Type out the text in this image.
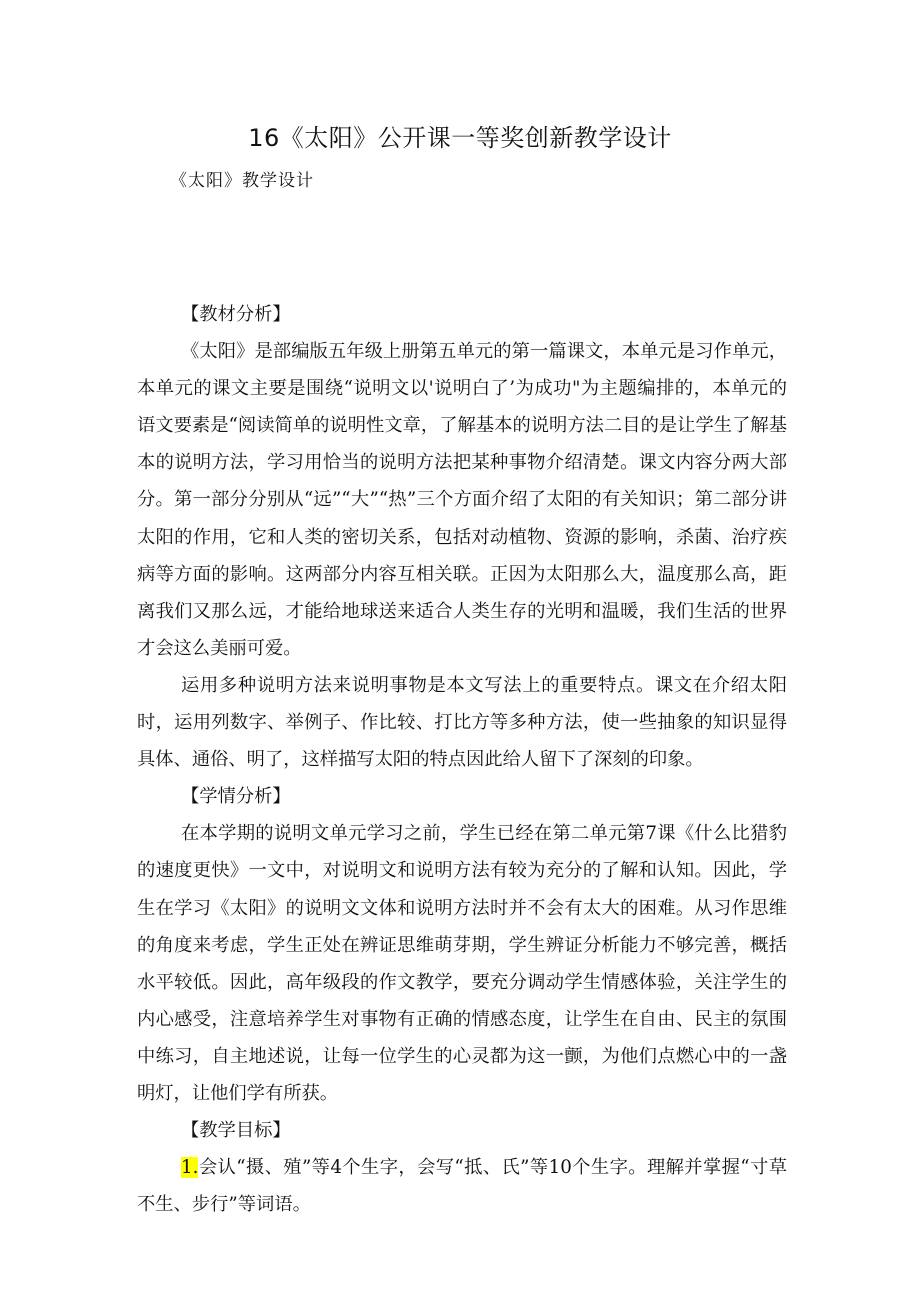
16《太阳》公开课一等奖创新教学设计
《太阳》教学设计
【教材分析】

《太阳》是部编版五年级上册第五单元的第一篇课文，本单元是习作单元，本单元的课文主要是围绕“说明文以'说明白了’为成功"为主题编排的，本单元的语文要素是“阅读简单的说明性文章，了解基本的说明方法二目的是让学生了解基本的说明方法，学习用恰当的说明方法把某种事物介绍清楚。课文内容分两大部分。第一部分分别从“远”“大”“热”三个方面介绍了太阳的有关知识；第二部分讲太阳的作用，它和人类的密切关系，包括对动植物、资源的影响，杀菌、治疗疾病等方面的影响。这两部分内容互相关联。正因为太阳那么大，温度那么高，距离我们又那么远，才能给地球送来适合人类生存的光明和温暖，我们生活的世界才会这么美丽可爱。

运用多种说明方法来说明事物是本文写法上的重要特点。课文在介绍太阳时，运用列数字、举例子、作比较、打比方等多种方法，使一些抽象的知识显得具体、通俗、明了，这样描写太阳的特点因此给人留下了深刻的印象。

【学情分析】

在本学期的说明文单元学习之前，学生已经在第二单元第7课《什么比猎豹的速度更快》一文中，对说明文和说明方法有较为充分的了解和认知。因此，学生在学习《太阳》的说明文文体和说明方法时并不会有太大的困难。从习作思维的角度来考虑，学生正处在辨证思维萌芽期，学生辨证分析能力不够完善，概括水平较低。因此，高年级段的作文教学，要充分调动学生情感体验，关注学生的内心感受，注意培养学生对事物有正确的情感态度，让学生在自由、民主的氛围中练习，自主地述说，让每一位学生的心灵都为这一颤，为他们点燃心中的一盏明灯，让他们学有所获。

【教学目标】

1.会认“摄、殖”等4个生字，会写“抵、氏”等10个生字。理解并掌握“寸草不生、步行”等词语。
